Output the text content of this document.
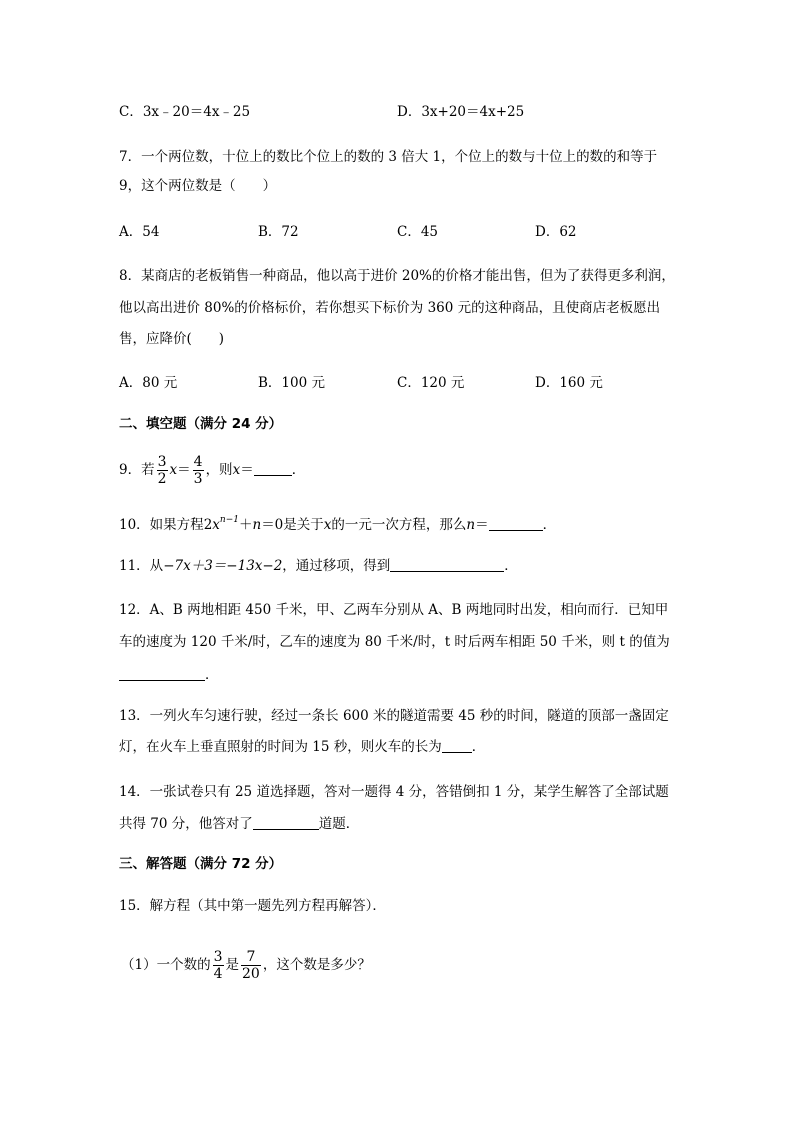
C．3x﹣20＝4x﹣25	D．3x+20＝4x+25
7．一个两位数，十位上的数比个位上的数的 3 倍大 1，个位上的数与十位上的数的和等于
9，这个两位数是（　　）
A．54	B．72	C．45	D．62
8．某商店的老板销售一种商品，他以高于进价 20%的价格才能出售，但为了获得更多利润，
他以高出进价 80%的价格标价，若你想买下标价为 360 元的这种商品，且使商店老板愿出
售，应降价(　　)
A．80 元	B．100 元	C．120 元	D．160 元
二、填空题（满分 24 分）
9．若 $\frac{3}{2} x= \frac{4}{3}$ ，则x＝	．
10．如果方程$2x^{n-1}+n=0$是关于x的一元一次方程，那么n＝	．
11．从−7x＋3＝−13x−2，通过移项，得到	．
12．A、B 两地相距 450 千米，甲、乙两车分别从 A、B 两地同时出发，相向而行．已知甲
车的速度为 120 千米/时，乙车的速度为 80 千米/时，t 时后两车相距 50 千米，则 t 的值为
．
13．一列火车匀速行驶，经过一条长 600 米的隧道需要 45 秒的时间，隧道的顶部一盏固定
灯，在火车上垂直照射的时间为 15 秒，则火车的长为 ．
14．一张试卷只有 25 道选择题，答对一题得 4 分，答错倒扣 1 分，某学生解答了全部试题
共得 70 分，他答对了	道题．
三、解答题（满分 72 分）
15．解方程（其中第一题先列方程再解答）．
（1）一个数的 $\frac{3}{4}$ 是 $\frac{7}{20}$ ，这个数是多少？
